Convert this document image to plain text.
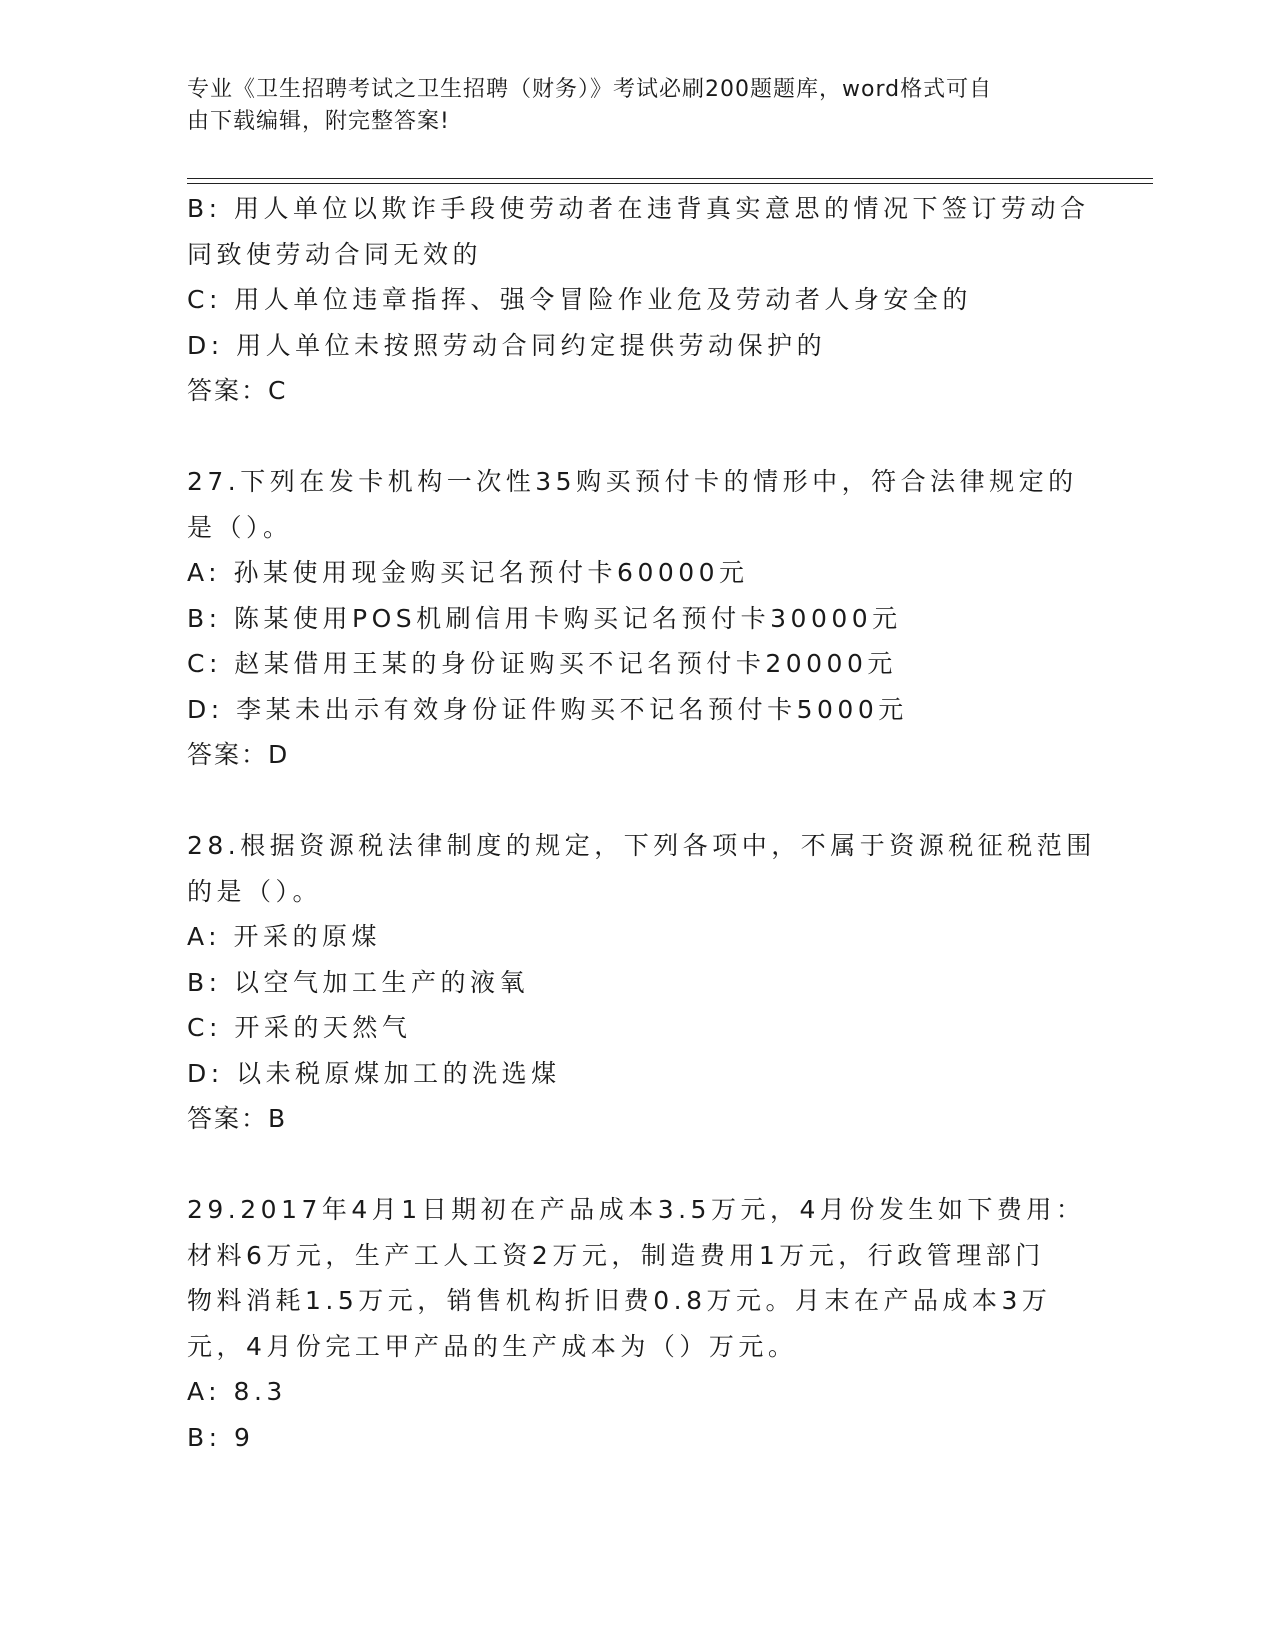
专业《卫生招聘考试之卫生招聘（财务）》考试必刷200题题库，word格式可自
由下载编辑，附完整答案!
B: 用人单位以欺诈手段使劳动者在违背真实意思的情况下签订劳动合
同致使劳动合同无效的
C: 用人单位违章指挥、强令冒险作业危及劳动者人身安全的
D: 用人单位未按照劳动合同约定提供劳动保护的
答案：C
27.下列在发卡机构一次性35购买预付卡的情形中，符合法律规定的
是（）。
A: 孙某使用现金购买记名预付卡60000元
B: 陈某使用POS机刷信用卡购买记名预付卡30000元
C: 赵某借用王某的身份证购买不记名预付卡20000元
D: 李某未出示有效身份证件购买不记名预付卡5000元
答案：D
28.根据资源税法律制度的规定，下列各项中，不属于资源税征税范围
的是（）。
A: 开采的原煤
B: 以空气加工生产的液氧
C: 开采的天然气
D: 以未税原煤加工的洗选煤
答案：B
29.2017年4月1日期初在产品成本3.5万元，4月份发生如下费用：
材料6万元，生产工人工资2万元，制造费用1万元，行政管理部门
物料消耗1.5万元，销售机构折旧费0.8万元。月末在产品成本3万
元，4月份完工甲产品的生产成本为（）万元。
A: 8.3
B: 9
